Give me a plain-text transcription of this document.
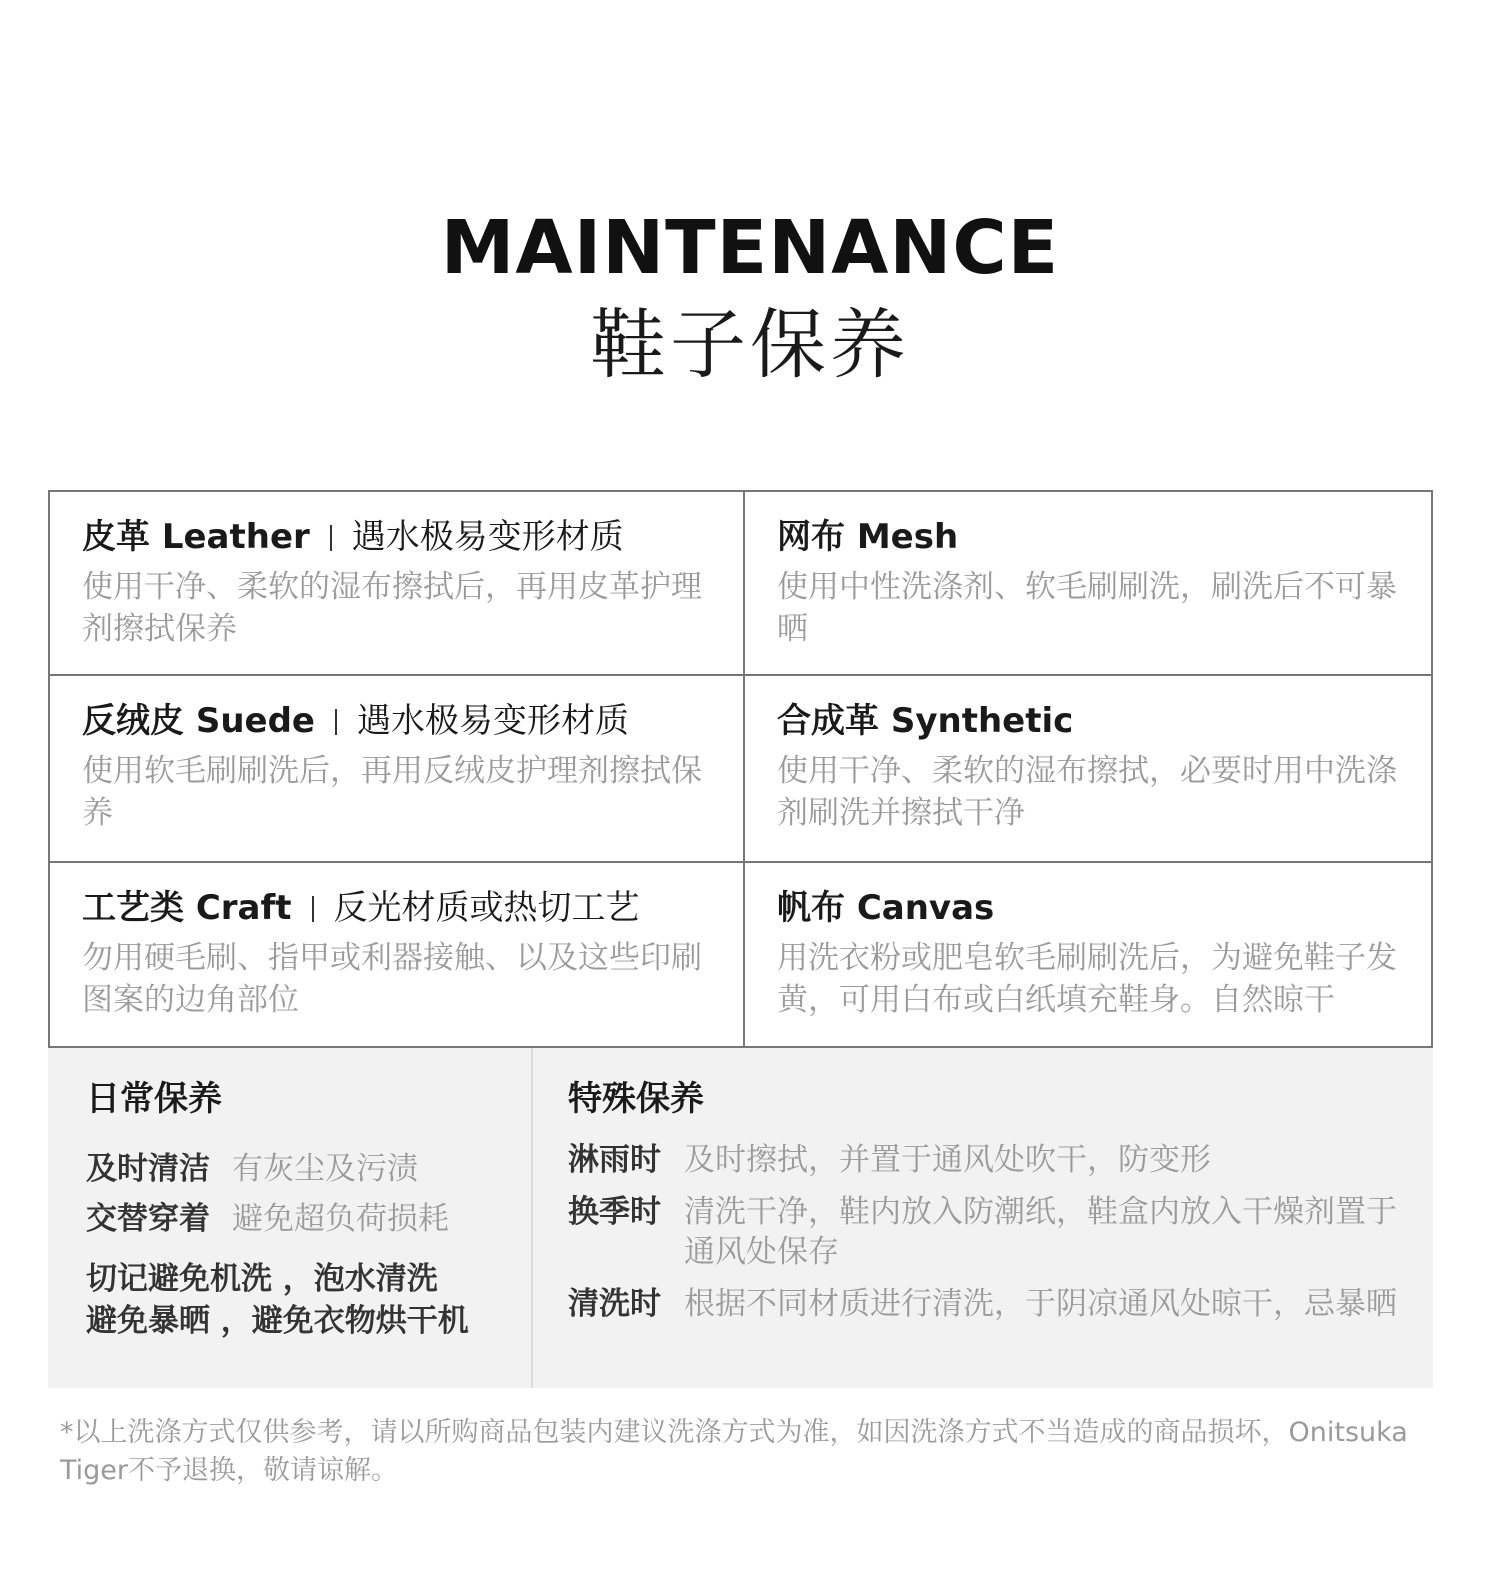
MAINTENANCE
鞋子保养
皮革 Leather 遇水极易变形材质
使用干净、柔软的湿布擦拭后，再用皮革护理剂擦拭保养
网布 Mesh
使用中性洗涤剂、软毛刷刷洗，刷洗后不可暴晒
反绒皮 Suede 遇水极易变形材质
使用软毛刷刷洗后，再用反绒皮护理剂擦拭保养
合成革 Synthetic
使用干净、柔软的湿布擦拭，必要时用中洗涤剂刷洗并擦拭干净
工艺类 Craft 反光材质或热切工艺
勿用硬毛刷、指甲或利器接触、以及这些印刷图案的边角部位
帆布 Canvas
用洗衣粉或肥皂软毛刷刷洗后，为避免鞋子发黄，可用白布或白纸填充鞋身。自然晾干
日常保养
及时清洁 有灰尘及污渍
交替穿着 避免超负荷损耗
切记避免机洗 ，泡水清洗
避免暴晒 ，避免衣物烘干机
特殊保养
淋雨时 及时擦拭，并置于通风处吹干，防变形
换季时 清洗干净，鞋内放入防潮纸，鞋盒内放入干燥剂置于通风处保存
清洗时 根据不同材质进行清洗，于阴凉通风处晾干，忌暴晒
*以上洗涤方式仅供参考，请以所购商品包装内建议洗涤方式为准，如因洗涤方式不当造成的商品损坏，Onitsuka Tiger不予退换，敬请谅解。
